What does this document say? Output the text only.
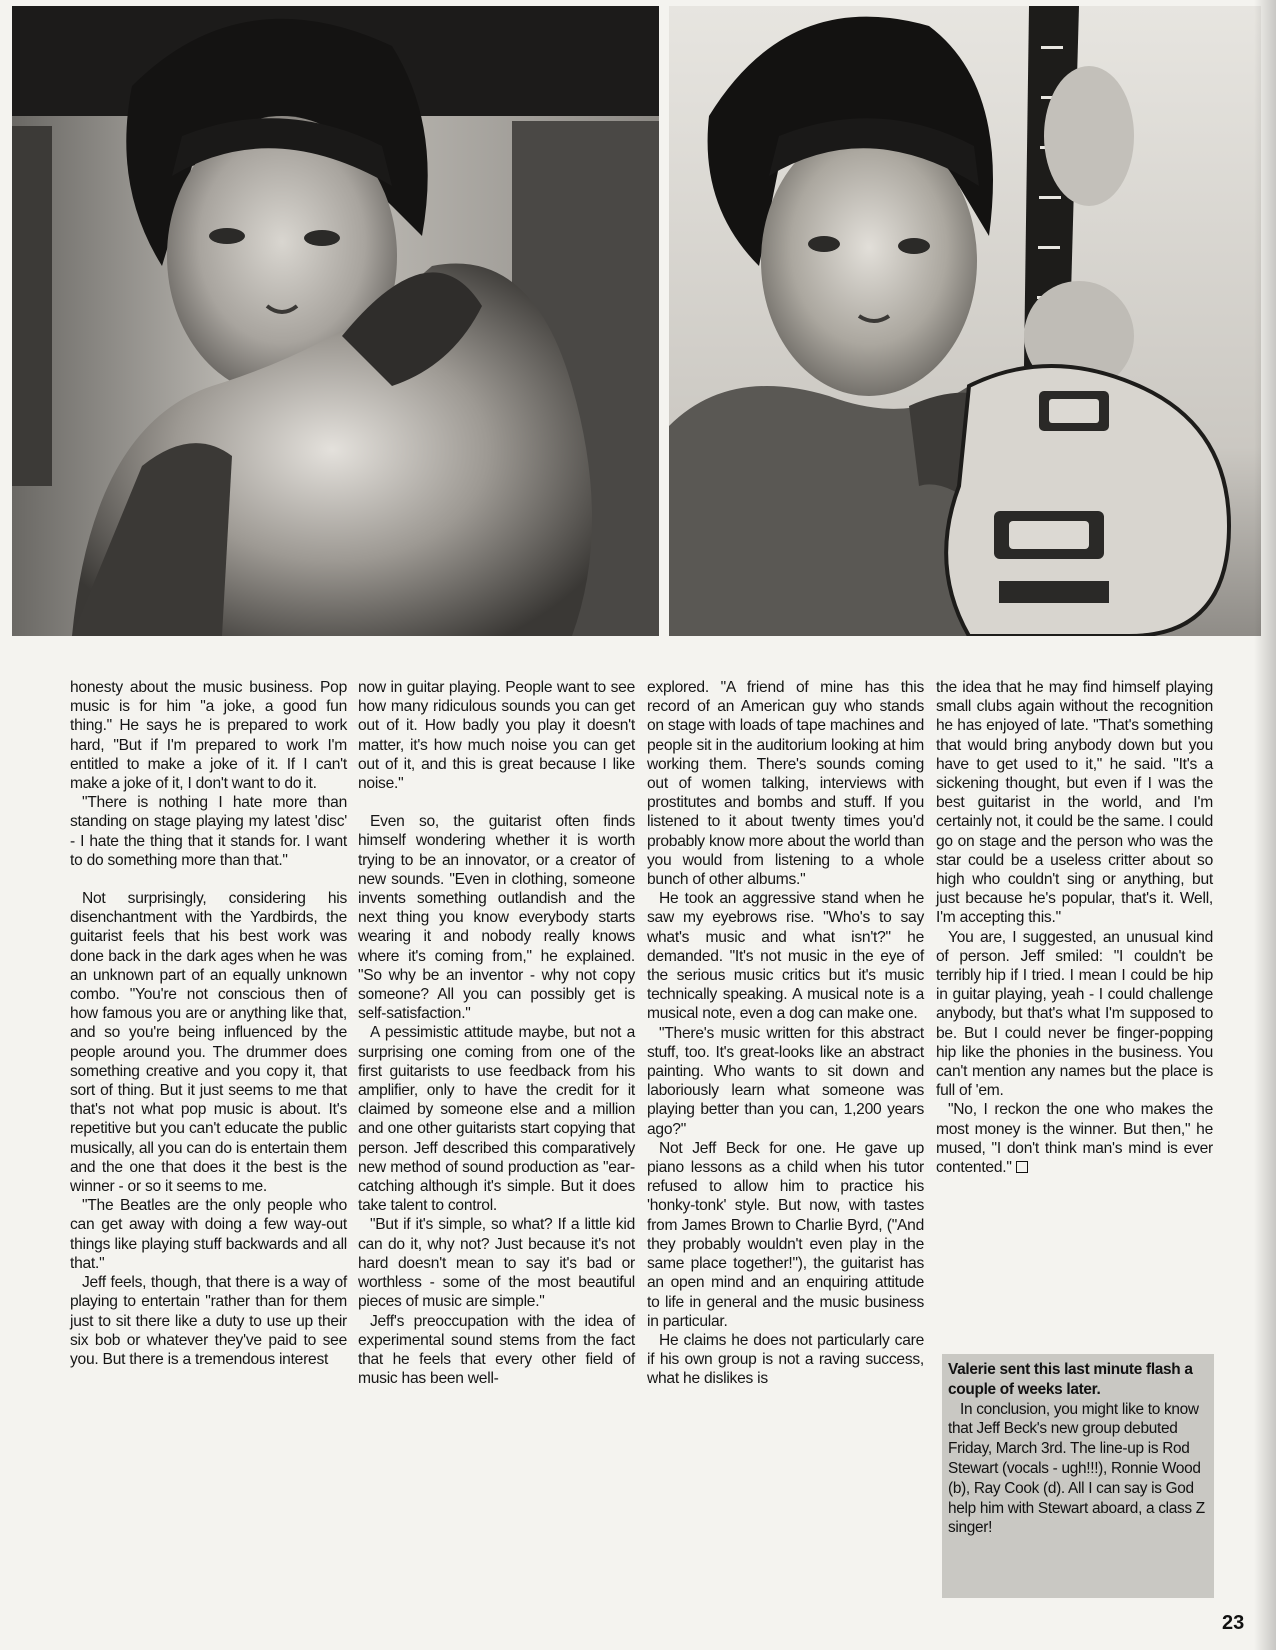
honesty about the music business. Pop music is for him "a joke, a good fun thing." He says he is prepared to work hard, "But if I'm prepared to work I'm entitled to make a joke of it. If I can't make a joke of it, I don't want to do it.

"There is nothing I hate more than standing on stage playing my latest 'disc' - I hate the thing that it stands for. I want to do something more than that."

Not surprisingly, considering his disenchantment with the Yardbirds, the guitarist feels that his best work was done back in the dark ages when he was an unknown part of an equally unknown combo. "You're not conscious then of how famous you are or anything like that, and so you're being influenced by the people around you. The drummer does something creative and you copy it, that sort of thing. But it just seems to me that that's not what pop music is about. It's repetitive but you can't educate the public musically, all you can do is entertain them and the one that does it the best is the winner - or so it seems to me.

"The Beatles are the only people who can get away with doing a few way-out things like playing stuff backwards and all that."

Jeff feels, though, that there is a way of playing to entertain "rather than for them just to sit there like a duty to use up their six bob or whatever they've paid to see you. But there is a tremendous interest

now in guitar playing. People want to see how many ridiculous sounds you can get out of it. How badly you play it doesn't matter, it's how much noise you can get out of it, and this is great because I like noise."

Even so, the guitarist often finds himself wondering whether it is worth trying to be an innovator, or a creator of new sounds. "Even in clothing, someone invents something outlandish and the next thing you know everybody starts wearing it and nobody really knows where it's coming from," he explained. "So why be an inventor - why not copy someone? All you can possibly get is self-satisfaction."

A pessimistic attitude maybe, but not a surprising one coming from one of the first guitarists to use feedback from his amplifier, only to have the credit for it claimed by someone else and a million and one other guitarists start copying that person. Jeff described this comparatively new method of sound production as "ear-catching although it's simple. But it does take talent to control.

"But if it's simple, so what? If a little kid can do it, why not? Just because it's not hard doesn't mean to say it's bad or worthless - some of the most beautiful pieces of music are simple."

Jeff's preoccupation with the idea of experimental sound stems from the fact that he feels that every other field of music has been well-

explored. "A friend of mine has this record of an American guy who stands on stage with loads of tape machines and people sit in the auditorium looking at him working them. There's sounds coming out of women talking, interviews with prostitutes and bombs and stuff. If you listened to it about twenty times you'd probably know more about the world than you would from listening to a whole bunch of other albums."

He took an aggressive stand when he saw my eyebrows rise. "Who's to say what's music and what isn't?" he demanded. "It's not music in the eye of the serious music critics but it's music technically speaking. A musical note is a musical note, even a dog can make one.

"There's music written for this abstract stuff, too. It's great-looks like an abstract painting. Who wants to sit down and laboriously learn what someone was playing better than you can, 1,200 years ago?"

Not Jeff Beck for one. He gave up piano lessons as a child when his tutor refused to allow him to practice his 'honky-tonk' style. But now, with tastes from James Brown to Charlie Byrd, ("And they probably wouldn't even play in the same place together!"), the guitarist has an open mind and an enquiring attitude to life in general and the music business in particular.

He claims he does not particularly care if his own group is not a raving success, what he dislikes is

the idea that he may find himself playing small clubs again without the recognition he has enjoyed of late. "That's something that would bring anybody down but you have to get used to it," he said. "It's a sickening thought, but even if I was the best guitarist in the world, and I'm certainly not, it could be the same. I could go on stage and the person who was the star could be a useless critter about so high who couldn't sing or anything, but just because he's popular, that's it. Well, I'm accepting this."

You are, I suggested, an unusual kind of person. Jeff smiled: "I couldn't be terribly hip if I tried. I mean I could be hip in guitar playing, yeah - I could challenge anybody, but that's what I'm supposed to be. But I could never be finger-popping hip like the phonies in the business. You can't mention any names but the place is full of 'em.

"No, I reckon the one who makes the most money is the winner. But then," he mused, "I don't think man's mind is ever contented."

Valerie sent this last minute flash a couple of weeks later.
In conclusion, you might like to know that Jeff Beck's new group debuted Friday, March 3rd. The line-up is Rod Stewart (vocals - ugh!!!), Ronnie Wood (b), Ray Cook (d). All I can say is God help him with Stewart aboard, a class Z singer!
23
